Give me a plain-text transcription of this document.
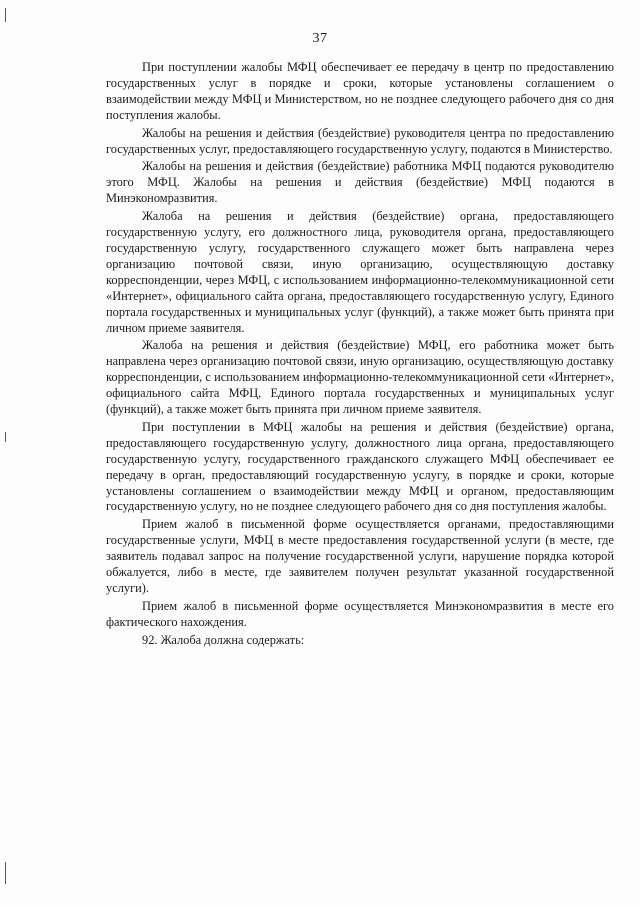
37

При поступлении жалобы МФЦ обеспечивает ее передачу в центр по предоставлению государственных услуг в порядке и сроки, которые установлены соглашением о взаимодействии между МФЦ и Министерством, но не позднее следующего рабочего дня со дня поступления жалобы.

Жалобы на решения и действия (бездействие) руководителя центра по предоставлению государственных услуг, предоставляющего государственную услугу, подаются в Министерство.

Жалобы на решения и действия (бездействие) работника МФЦ подаются руководителю этого МФЦ. Жалобы на решения и действия (бездействие) МФЦ подаются в Минэкономразвития.

Жалоба на решения и действия (бездействие) органа, предоставляющего государственную услугу, его должностного лица, руководителя органа, предоставляющего государственную услугу, государственного служащего может быть направлена через организацию почтовой связи, иную организацию, осуществляющую доставку корреспонденции, через МФЦ, с использованием информационно-телекоммуникационной сети «Интернет», официального сайта органа, предоставляющего государственную услугу, Единого портала государственных и муниципальных услуг (функций), а также может быть принята при личном приеме заявителя.

Жалоба на решения и действия (бездействие) МФЦ, его работника может быть направлена через организацию почтовой связи, иную организацию, осуществляющую доставку корреспонденции, с использованием информационно-телекоммуникационной сети «Интернет», официального сайта МФЦ, Единого портала государственных и муниципальных услуг (функций), а также может быть принята при личном приеме заявителя.

При поступлении в МФЦ жалобы на решения и действия (бездействие) органа, предоставляющего государственную услугу, должностного лица органа, предоставляющего государственную услугу, государственного гражданского служащего МФЦ обеспечивает ее передачу в орган, предоставляющий государственную услугу, в порядке и сроки, которые установлены соглашением о взаимодействии между МФЦ и органом, предоставляющим государственную услугу, но не позднее следующего рабочего дня со дня поступления жалобы.

Прием жалоб в письменной форме осуществляется органами, предоставляющими государственные услуги, МФЦ в месте предоставления государственной услуги (в месте, где заявитель подавал запрос на получение государственной услуги, нарушение порядка которой обжалуется, либо в месте, где заявителем получен результат указанной государственной услуги).

Прием жалоб в письменной форме осуществляется Минэкономразвития в месте его фактического нахождения.

92. Жалоба должна содержать:
